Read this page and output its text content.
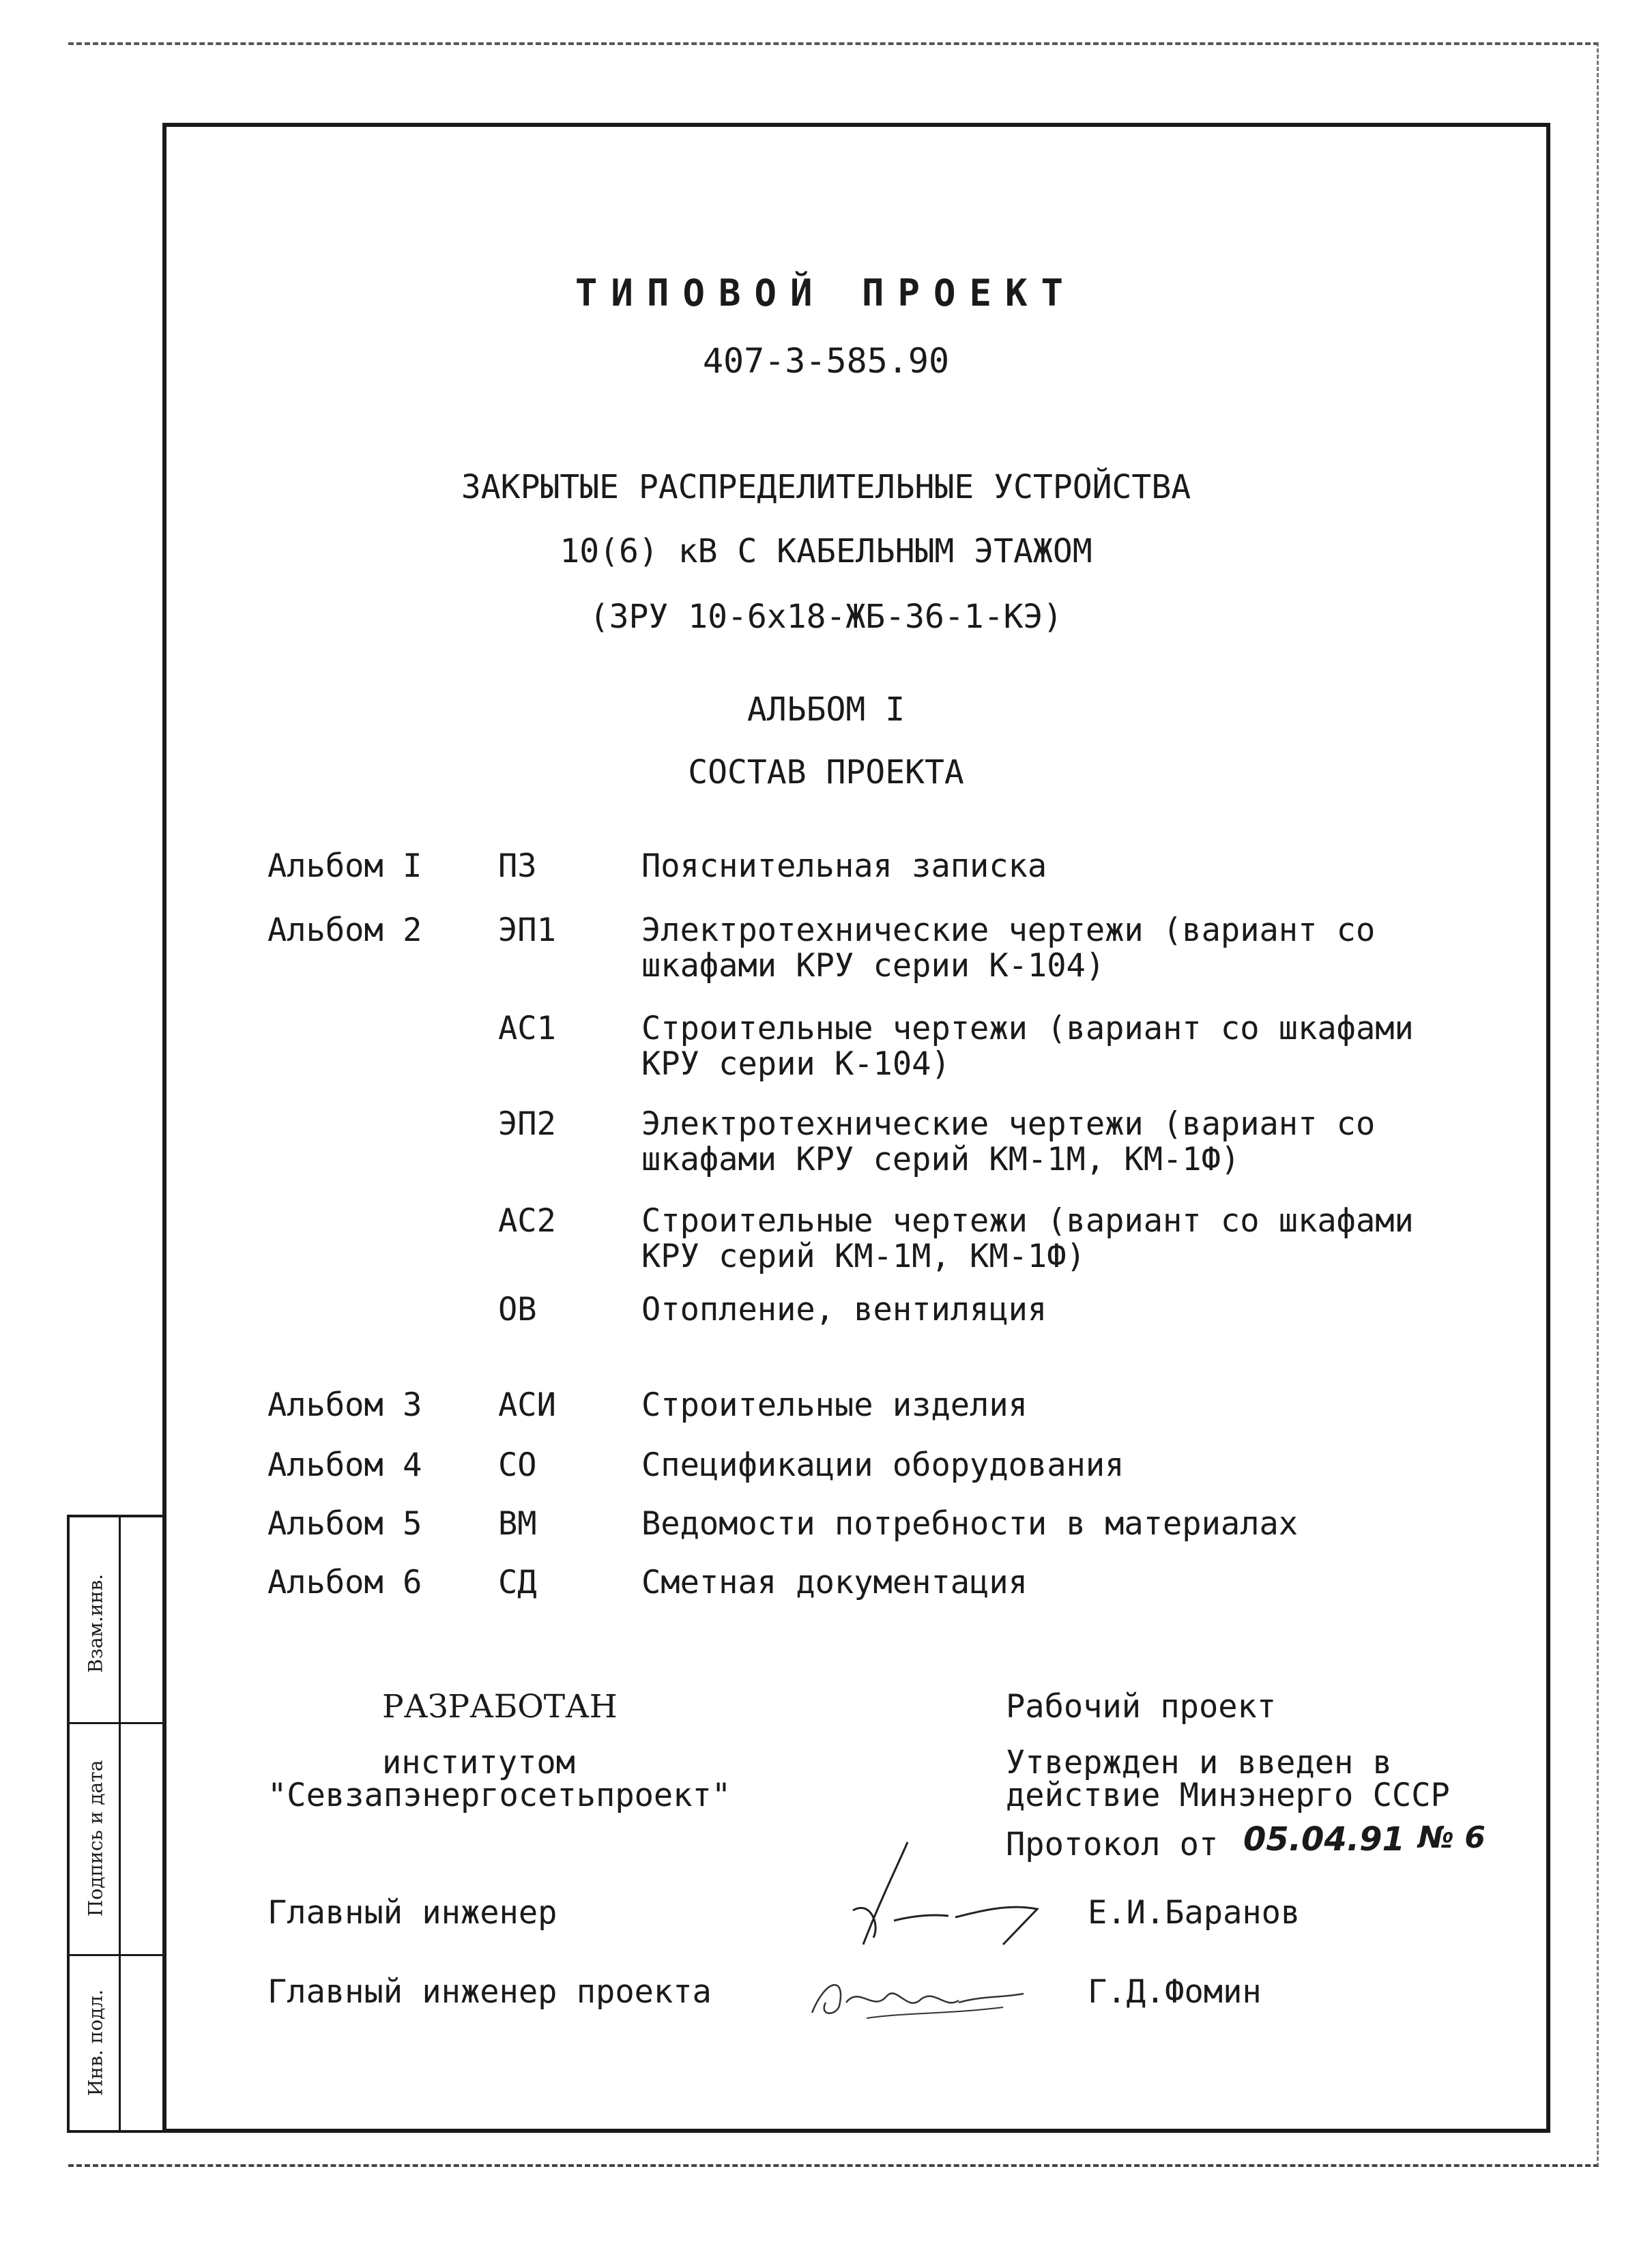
Взам.инв.
Подпись и дата
Инв. подл.
ТИПОВОЙ ПРОЕКТ
407-3-585.90
ЗАКРЫТЫЕ РАСПРЕДЕЛИТЕЛЬНЫЕ УСТРОЙСТВА
10(6) кВ С КАБЕЛЬНЫМ ЭТАЖОМ
(ЗРУ 10-6х18-ЖБ-36-1-КЭ)
АЛЬБОМ I
СОСТАВ ПРОЕКТА
Альбом I ПЗ	Пояснительная записка
Альбом 2 ЭП1	Электротехнические чертежи (вариант со
шкафами КРУ серии К-104)
АС1	Строительные чертежи (вариант со шкафами
КРУ серии К-104)
ЭП2	Электротехнические чертежи (вариант со
шкафами КРУ серий КМ-1М, КМ-1Ф)
АС2	Строительные чертежи (вариант со шкафами
КРУ серий КМ-1М, КМ-1Ф)
ОВ	Отопление, вентиляция
Альбом 3 АСИ	Строительные изделия
Альбом 4 СО	Спецификации оборудования
Альбом 5 ВМ	Ведомости потребности в материалах
Альбом 6 СД	Сметная документация
РАЗРАБОТАН
институтом
"Севзапэнергосетьпроект"
Рабочий проект
Утвержден и введен в
действие Минэнерго СССР
Протокол от 05.04.91 № 6
Главный инженер	Е.И.Баранов
Главный инженер проекта	Г.Д.Фомин
